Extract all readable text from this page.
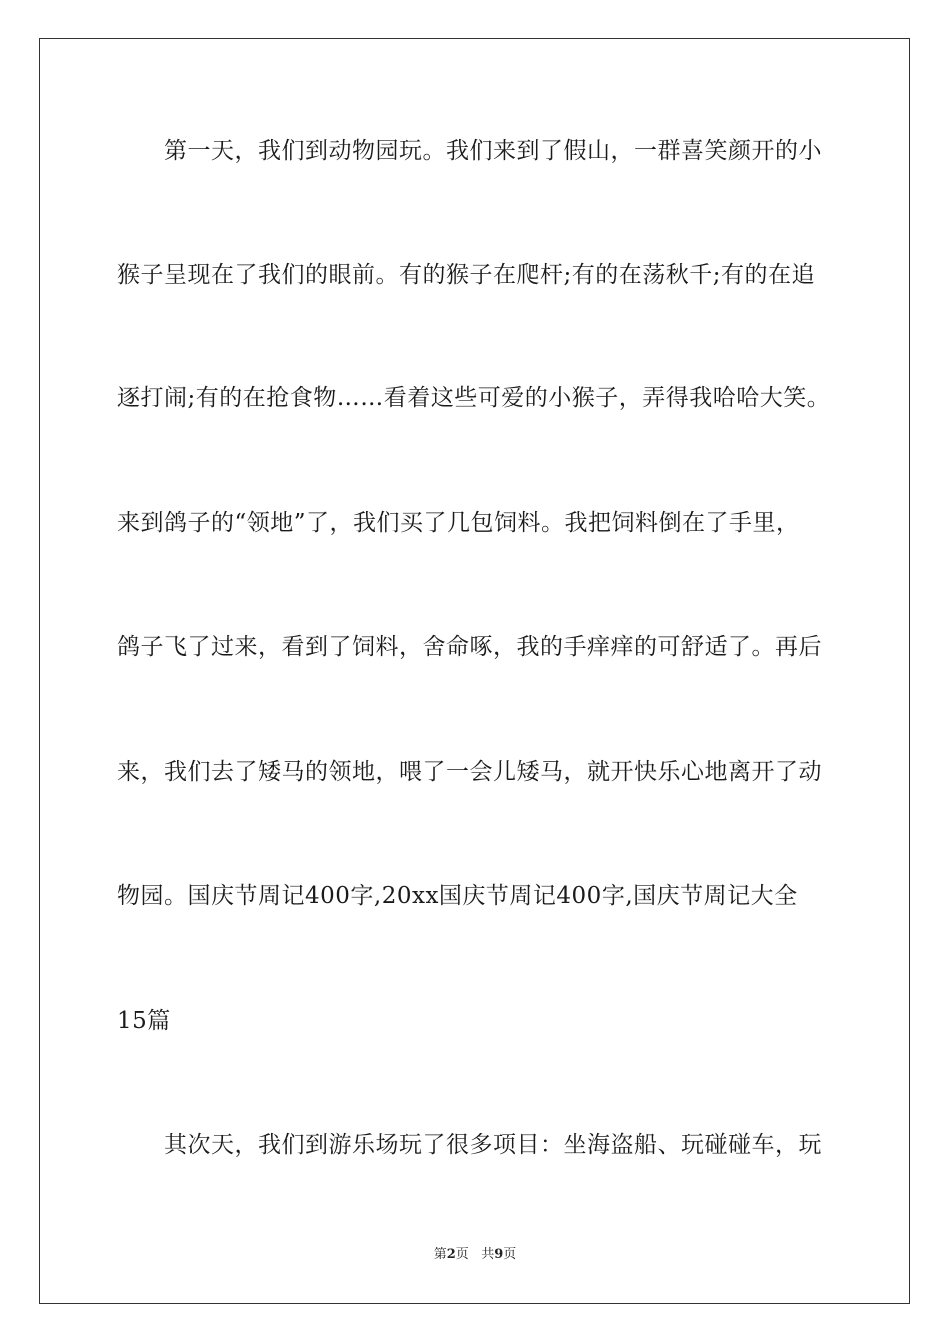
第一天，我们到动物园玩。我们来到了假山，一群喜笑颜开的小
猴子呈现在了我们的眼前。有的猴子在爬杆;有的在荡秋千;有的在追
逐打闹;有的在抢食物……看着这些可爱的小猴子，弄得我哈哈大笑。
来到鸽子的“领地”了，我们买了几包饲料。我把饲料倒在了手里，
鸽子飞了过来，看到了饲料，舍命啄，我的手痒痒的可舒适了。再后
来，我们去了矮马的领地，喂了一会儿矮马，就开快乐心地离开了动
物园。国庆节周记400字,20xx国庆节周记400字,国庆节周记大全
15篇
其次天，我们到游乐场玩了很多项目：坐海盗船、玩碰碰车，玩
第2页 共9页
